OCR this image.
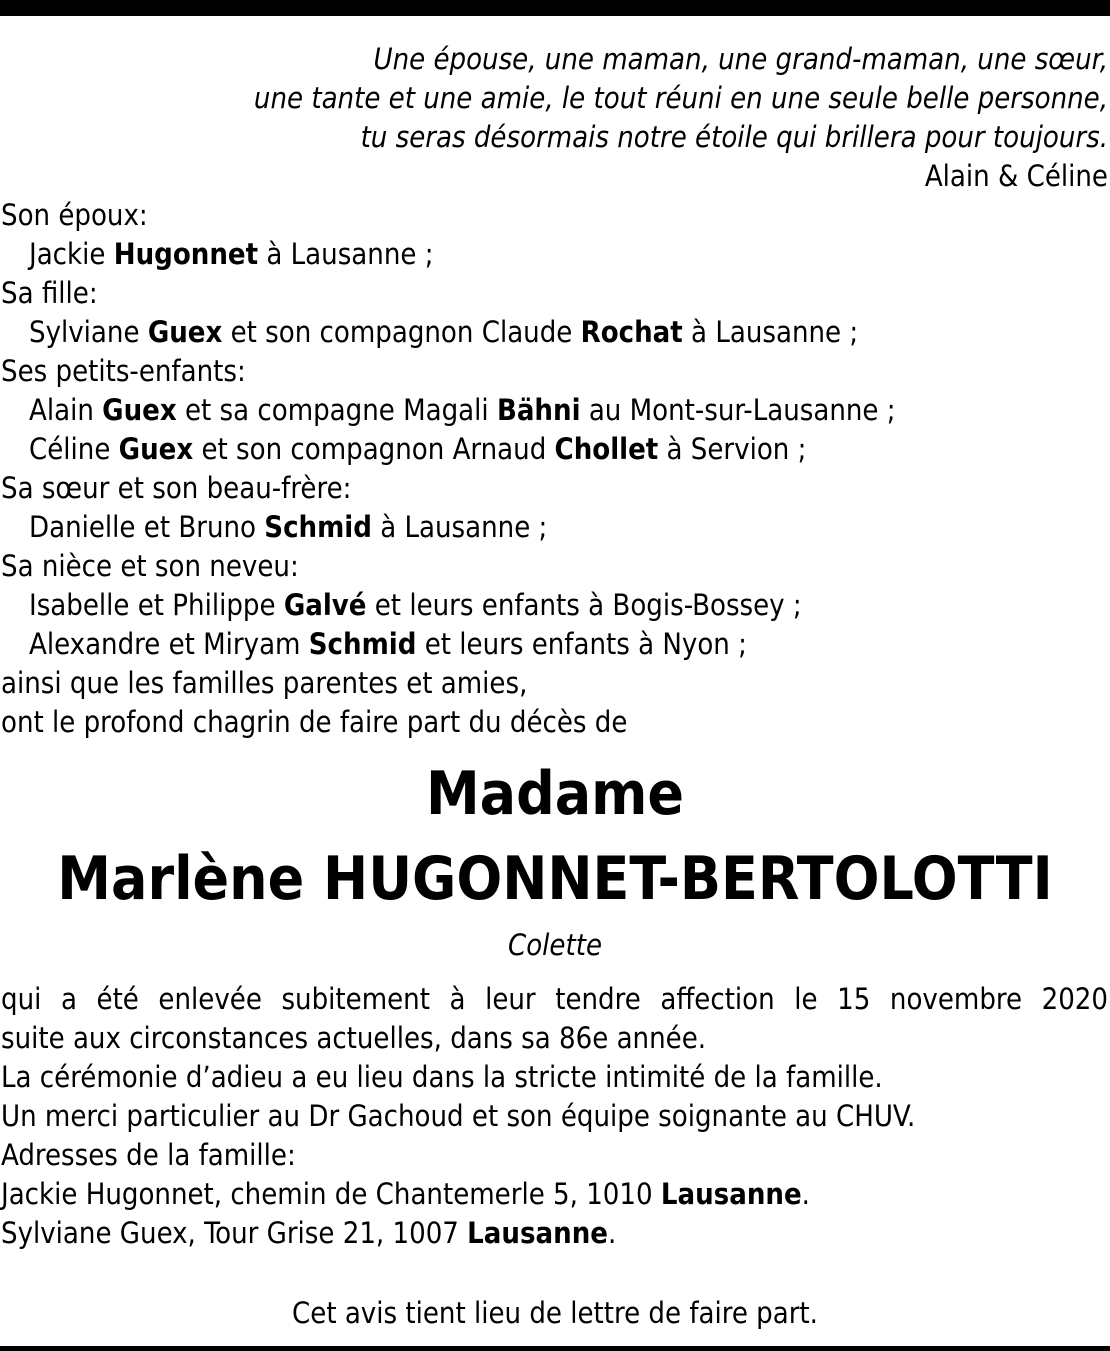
Une épouse, une maman, une grand-maman, une sœur,
une tante et une amie, le tout réuni en une seule belle personne,
tu seras désormais notre étoile qui brillera pour toujours.
Alain & Céline
Son époux:
Jackie Hugonnet à Lausanne ;
Sa fille:
Sylviane Guex et son compagnon Claude Rochat à Lausanne ;
Ses petits-enfants:
Alain Guex et sa compagne Magali Bähni au Mont-sur-Lausanne ;
Céline Guex et son compagnon Arnaud Chollet à Servion ;
Sa sœur et son beau-frère:
Danielle et Bruno Schmid à Lausanne ;
Sa nièce et son neveu:
Isabelle et Philippe Galvé et leurs enfants à Bogis-Bossey ;
Alexandre et Miryam Schmid et leurs enfants à Nyon ;
ainsi que les familles parentes et amies,
ont le profond chagrin de faire part du décès de
Madame
Marlène HUGONNET-BERTOLOTTI
Colette
qui a été enlevée subitement à leur tendre affection le 15 novembre 2020
suite aux circonstances actuelles, dans sa 86e année.
La cérémonie d’adieu a eu lieu dans la stricte intimité de la famille.
Un merci particulier au Dr Gachoud et son équipe soignante au CHUV.
Adresses de la famille:
Jackie Hugonnet, chemin de Chantemerle 5, 1010 Lausanne.
Sylviane Guex, Tour Grise 21, 1007 Lausanne.
Cet avis tient lieu de lettre de faire part.
